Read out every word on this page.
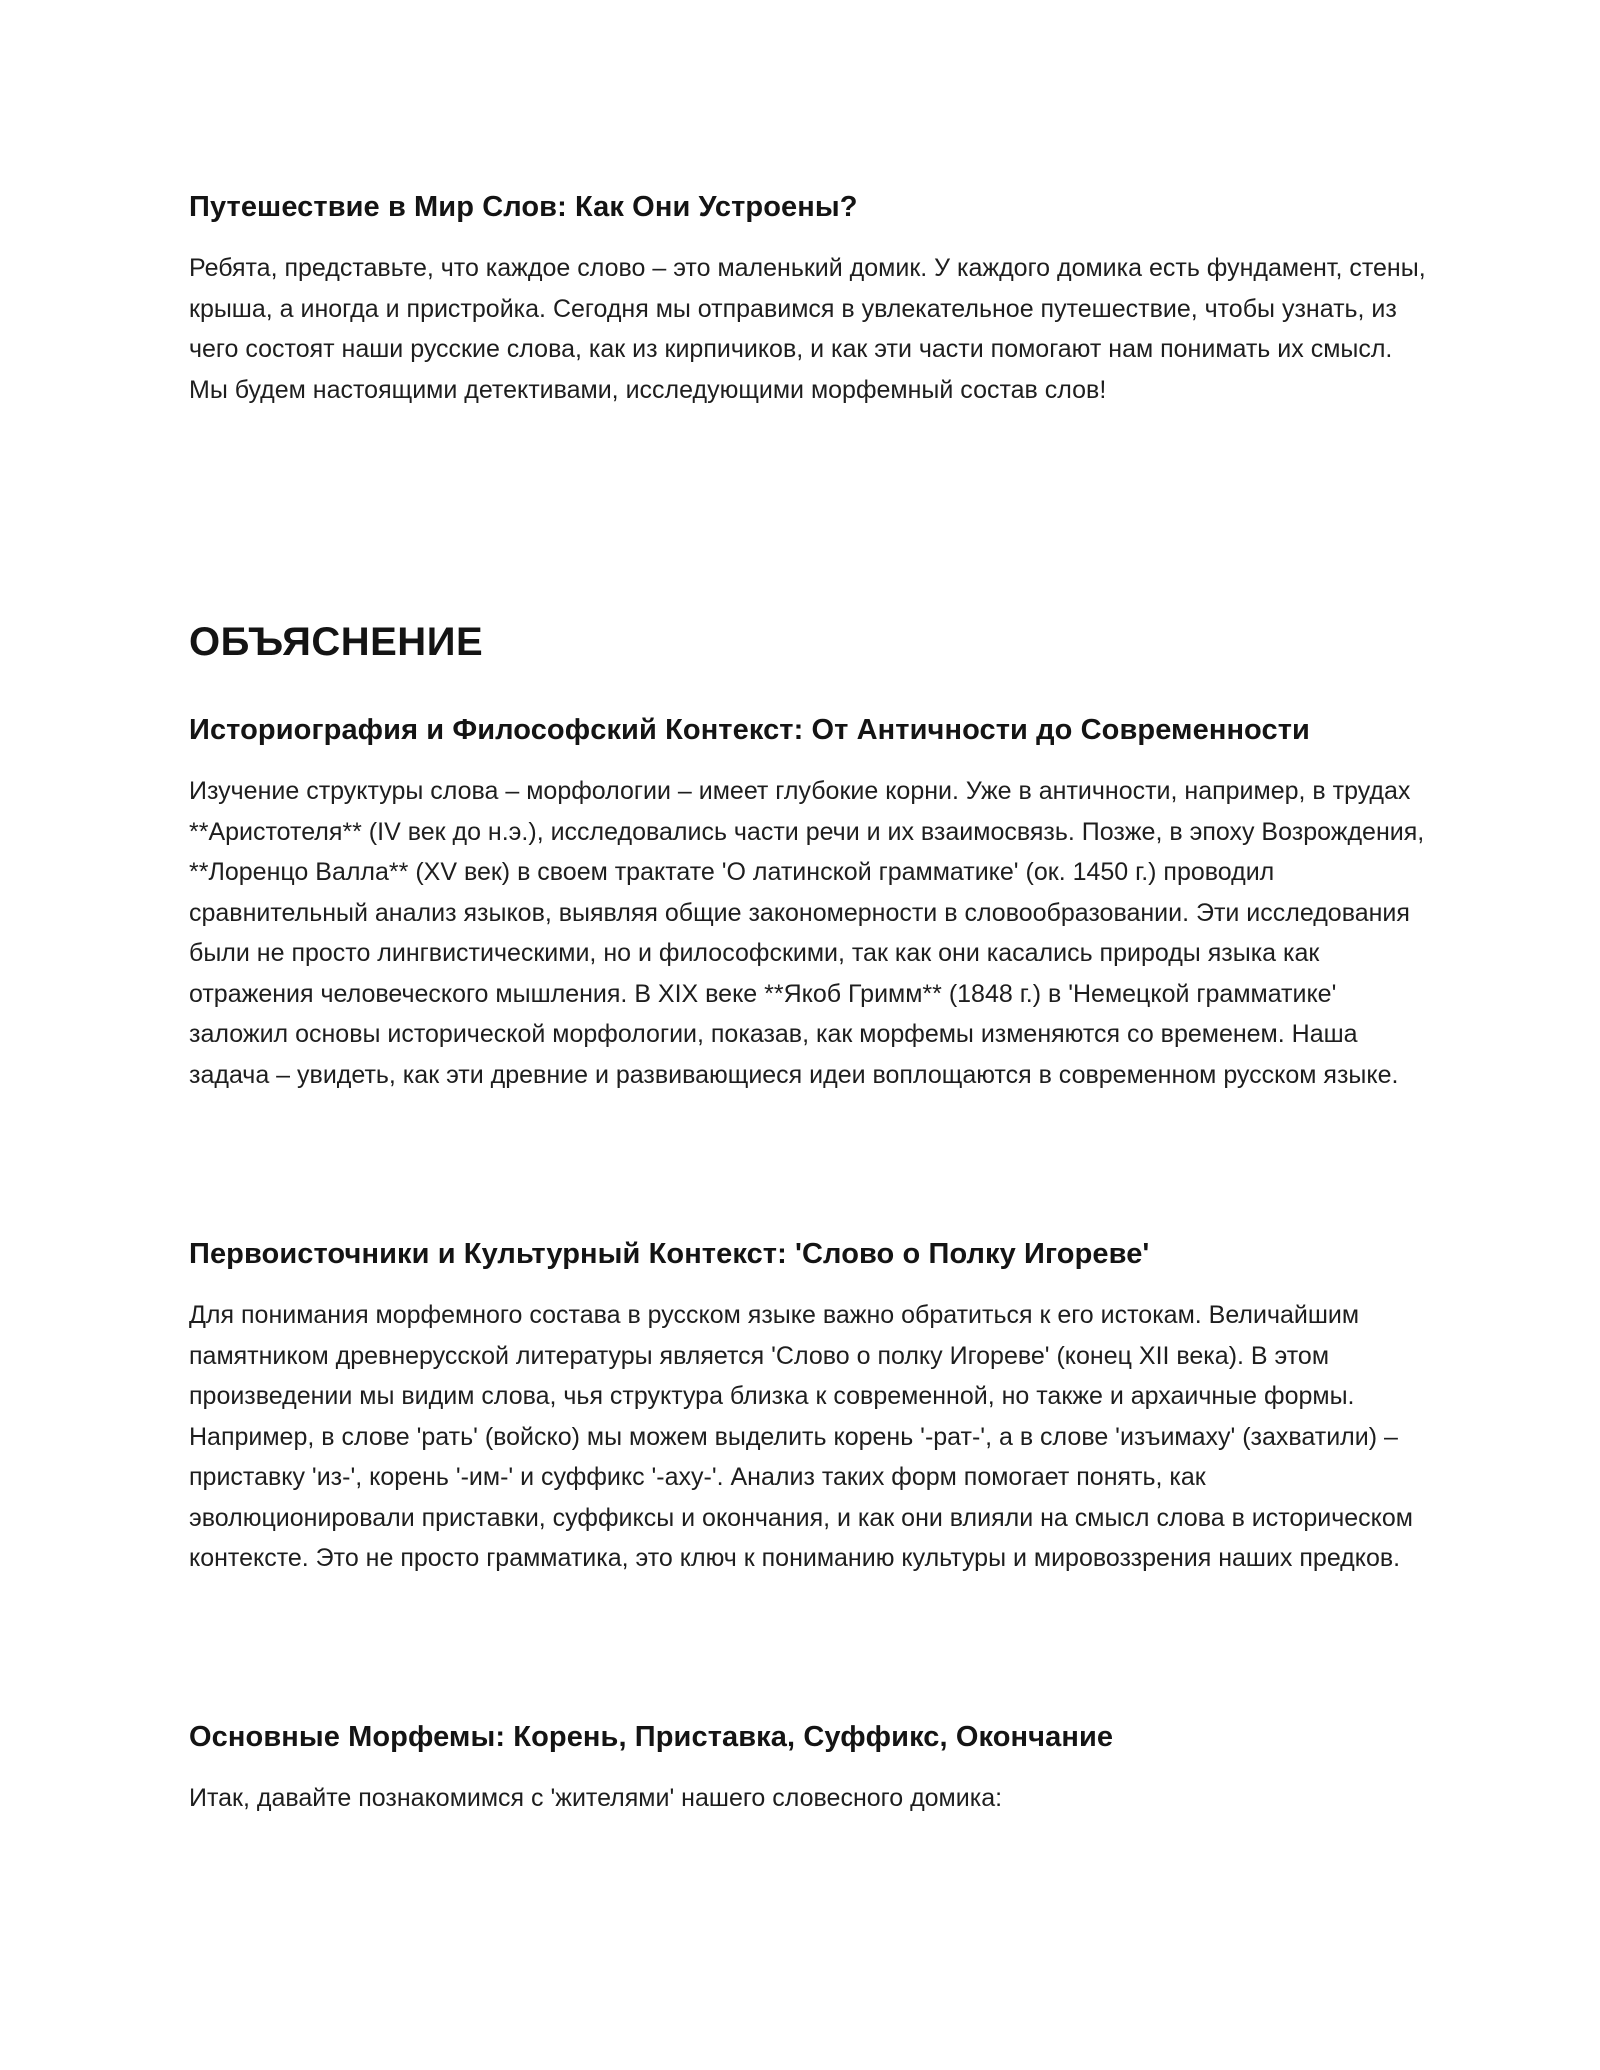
Путешествие в Мир Слов: Как Они Устроены?

Ребята, представьте, что каждое слово – это маленький домик. У каждого домика есть фундамент, стены, крыша, а иногда и пристройка. Сегодня мы отправимся в увлекательное путешествие, чтобы узнать, из чего состоят наши русские слова, как из кирпичиков, и как эти части помогают нам понимать их смысл. Мы будем настоящими детективами, исследующими морфемный состав слов!

ОБЪЯСНЕНИЕ
Историография и Философский Контекст: От Античности до Современности

Изучение структуры слова – морфологии – имеет глубокие корни. Уже в античности, например, в трудах **Аристотеля** (IV век до н.э.), исследовались части речи и их взаимосвязь. Позже, в эпоху Возрождения, **Лоренцо Валла** (XV век) в своем трактате 'О латинской грамматике' (ок. 1450 г.) проводил сравнительный анализ языков, выявляя общие закономерности в словообразовании. Эти исследования были не просто лингвистическими, но и философскими, так как они касались природы языка как отражения человеческого мышления. В XIX веке **Якоб Гримм** (1848 г.) в 'Немецкой грамматике' заложил основы исторической морфологии, показав, как морфемы изменяются со временем. Наша задача – увидеть, как эти древние и развивающиеся идеи воплощаются в современном русском языке.

Первоисточники и Культурный Контекст: 'Слово о Полку Игореве'

Для понимания морфемного состава в русском языке важно обратиться к его истокам. Величайшим памятником древнерусской литературы является 'Слово о полку Игореве' (конец XII века). В этом произведении мы видим слова, чья структура близка к современной, но также и архаичные формы. Например, в слове 'рать' (войско) мы можем выделить корень '-рат-', а в слове 'изъимаху' (захватили) – приставку 'из-', корень '-им-' и суффикс '-аху-'. Анализ таких форм помогает понять, как эволюционировали приставки, суффиксы и окончания, и как они влияли на смысл слова в историческом контексте. Это не просто грамматика, это ключ к пониманию культуры и мировоззрения наших предков.

Основные Морфемы: Корень, Приставка, Суффикс, Окончание

Итак, давайте познакомимся с 'жителями' нашего словесного домика:
